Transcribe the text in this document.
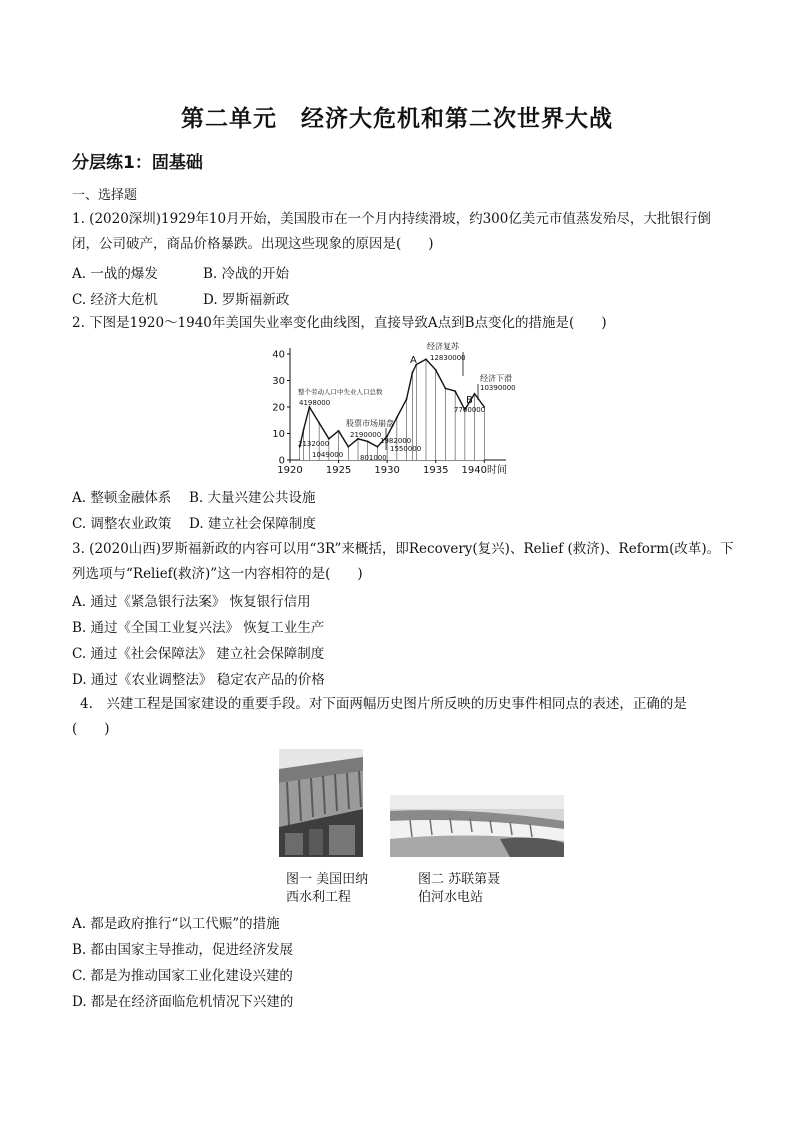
第二单元　经济大危机和第二次世界大战
分层练1：固基础
一、选择题
1. (2020深圳)1929年10月开始，美国股市在一个月内持续滑坡，约300亿美元市值蒸发殆尽，大批银行倒
闭，公司破产，商品价格暴跌。出现这些现象的原因是(　　)
A. 一战的爆发	B. 冷战的开始
C. 经济大危机	D. 罗斯福新政
2. 下图是1920～1940年美国失业率变化曲线图，直接导致A点到B点变化的措施是(　　)
0
10
20
30
40
1920 1925 1930 1935 1940时间
整个劳动人口中失业人口总数
股票市场崩盘
经济复苏
经济下滑
A
B
4198000
2132000
1049000
2190000
1982000
801000
1550000
12830000
7700000
10390000
A. 整顿金融体系 B. 大量兴建公共设施
C. 调整农业政策 D. 建立社会保障制度
3. (2020山西)罗斯福新政的内容可以用“3R”来概括，即Recovery(复兴)、Relief (救济)、Reform(改革)。下
列选项与“Relief(救济)”这一内容相符的是(　　)
A. 通过《紧急银行法案》 恢复银行信用
B. 通过《全国工业复兴法》 恢复工业生产
C. 通过《社会保障法》 建立社会保障制度
D. 通过《农业调整法》 稳定农产品的价格
4.　兴建工程是国家建设的重要手段。对下面两幅历史图片所反映的历史事件相同点的表述，正确的是
(　　)
图一 美国田纳
西水利工程
图二 苏联第聂
伯河水电站
A. 都是政府推行“以工代赈”的措施
B. 都由国家主导推动，促进经济发展
C. 都是为推动国家工业化建设兴建的
D. 都是在经济面临危机情况下兴建的
